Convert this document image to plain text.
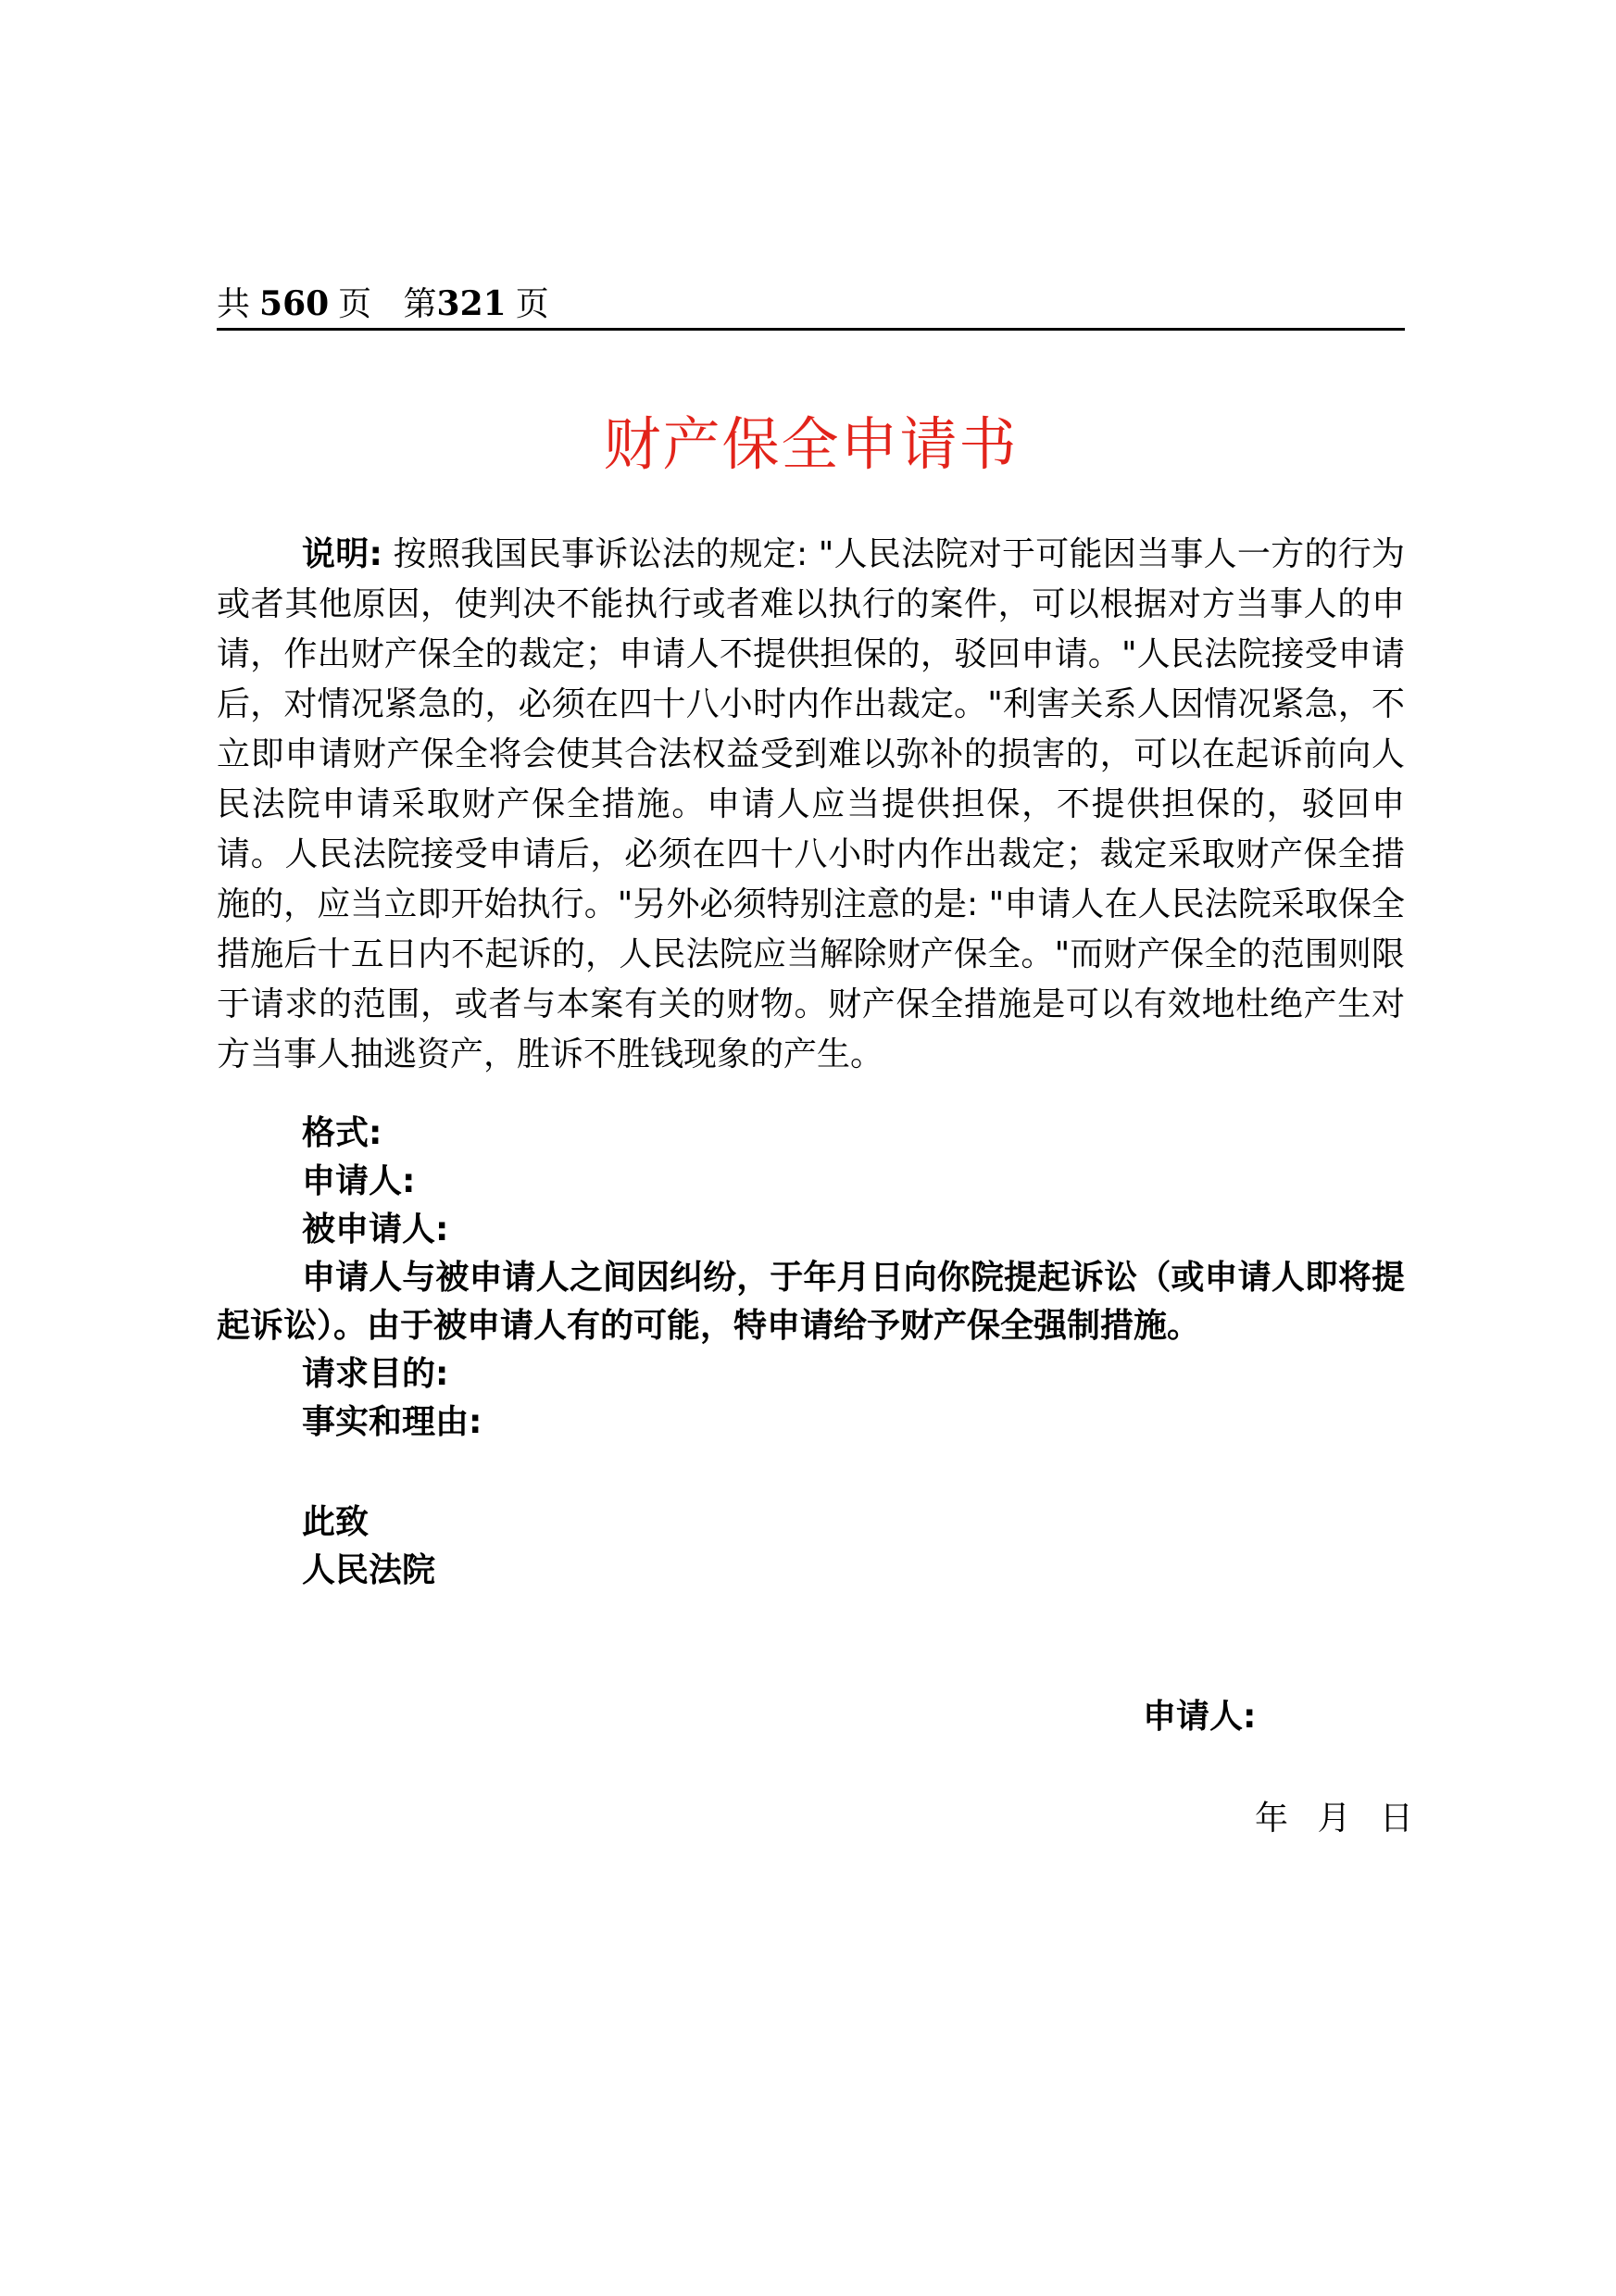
共 560 页 第321 页
财产保全申请书

说明: 按照我国民事诉讼法的规定: "人民法院对于可能因当事人一方的行为或者其他原因，使判决不能执行或者难以执行的案件，可以根据对方当事人的申请，作出财产保全的裁定；申请人不提供担保的，驳回申请。"人民法院接受申请后，对情况紧急的，必须在四十八小时内作出裁定。"利害关系人因情况紧急，不立即申请财产保全将会使其合法权益受到难以弥补的损害的，可以在起诉前向人民法院申请采取财产保全措施。申请人应当提供担保，不提供担保的，驳回申请。人民法院接受申请后，必须在四十八小时内作出裁定；裁定采取财产保全措施的，应当立即开始执行。"另外必须特别注意的是: "申请人在人民法院采取保全措施后十五日内不起诉的，人民法院应当解除财产保全。"而财产保全的范围则限于请求的范围，或者与本案有关的财物。财产保全措施是可以有效地杜绝产生对方当事人抽逃资产，胜诉不胜钱现象的产生。

格式:
申请人:
被申请人:

申请人与被申请人之间因纠纷，于年月日向你院提起诉讼（或申请人即将提起诉讼）。由于被申请人有的可能，特申请给予财产保全强制措施。

请求目的:
事实和理由:
此致
人民法院
申请人:
年 月 日
